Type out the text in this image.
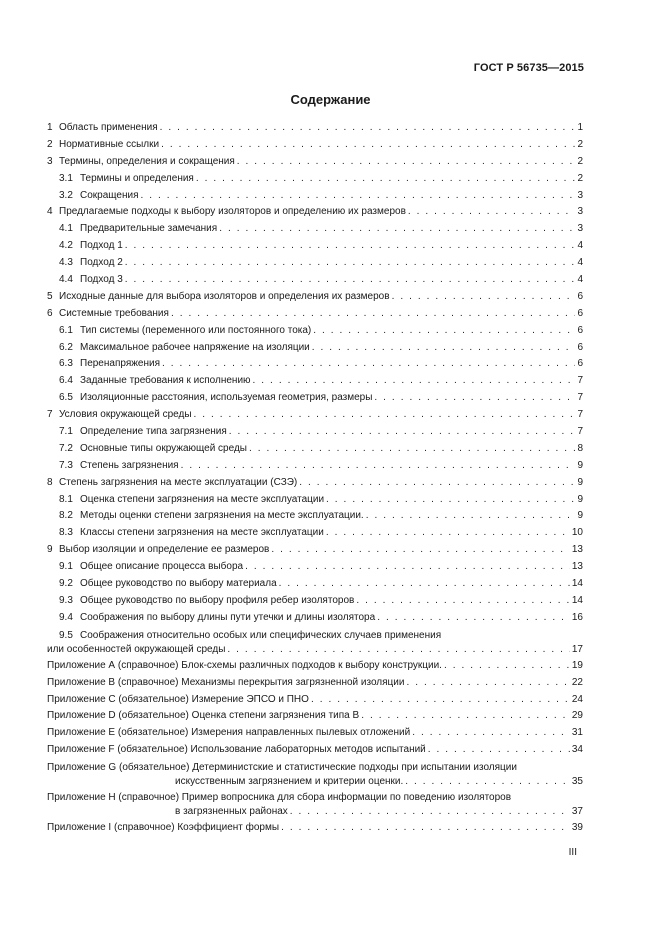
ГОСТ Р 56735—2015
Содержание
1 Область применения . . .	1
2 Нормативные ссылки . . .	2
3 Термины, определения и сокращения . . .	2
3.1 Термины и определения . . .	2
3.2 Сокращения . . .	3
4 Предлагаемые подходы к выбору изоляторов и определению их размеров . . .	3
4.1 Предварительные замечания . . .	3
4.2 Подход 1 . . .	4
4.3 Подход 2 . . .	4
4.4 Подход 3 . . .	4
5 Исходные данные для выбора изоляторов и определения их размеров . . .	6
6 Системные требования . . .	6
6.1 Тип системы (переменного или постоянного тока) . . .	6
6.2 Максимальное рабочее напряжение на изоляции . . .	6
6.3 Перенапряжения . . .	6
6.4 Заданные требования к исполнению . . .	7
6.5 Изоляционные расстояния, используемая геометрия, размеры . . .	7
7 Условия окружающей среды . . .	7
7.1 Определение типа загрязнения . . .	7
7.2 Основные типы окружающей среды . . .	8
7.3 Степень загрязнения . . .	9
8 Степень загрязнения на месте эксплуатации (СЗЭ) . . .	9
8.1 Оценка степени загрязнения на месте эксплуатации . . .	9
8.2 Методы оценки степени загрязнения на месте эксплуатации. . . .	9
8.3 Классы степени загрязнения на месте эксплуатации . . .	10
9 Выбор изоляции и определение ее размеров . . .	13
9.1 Общее описание процесса выбора . . .	13
9.2 Общее руководство по выбору материала . . .	14
9.3 Общее руководство по выбору профиля ребер изоляторов . . .	14
9.4 Соображения по выбору длины пути утечки и длины изолятора . . .	16
9.5 Соображения относительно особых или специфических случаев применения
или особенностей окружающей среды . . .	17
Приложение А (справочное) Блок-схемы различных подходов к выбору конструкции. . . .	19
Приложение В (справочное) Механизмы перекрытия загрязненной изоляции . . .	22
Приложение С (обязательное) Измерение ЭПСО и ПНО . . .	24
Приложение D (обязательное) Оценка степени загрязнения типа В . . .	29
Приложение Е (обязательное) Измерения направленных пылевых отложений . . .	31
Приложение F (обязательное) Использование лабораторных методов испытаний . . .	34
Приложение G (обязательное) Детерминистские и статистические подходы при испытании изоляции
искусственным загрязнением и критерии оценки. . . .	35
Приложение Н (справочное) Пример вопросника для сбора информации по поведению изоляторов
в загрязненных районах . . .	37
Приложение I (справочное) Коэффициент формы . . .	39
III
